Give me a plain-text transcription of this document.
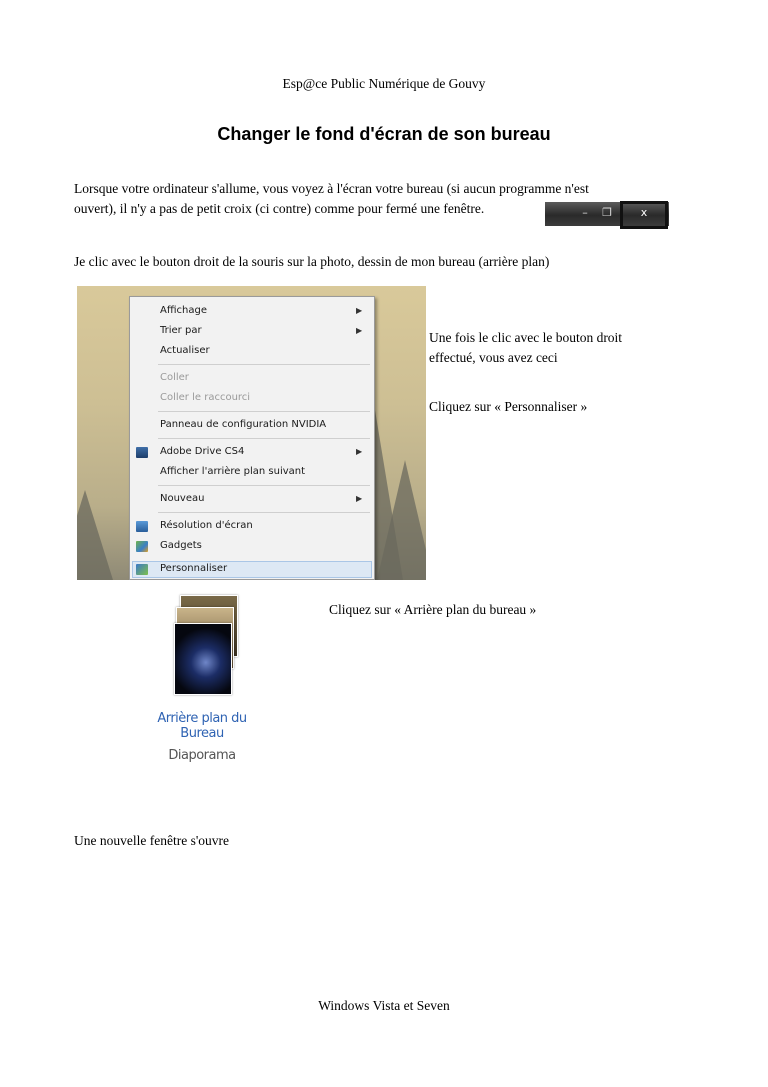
Esp@ce Public Numérique de Gouvy
Changer le fond d'écran de son bureau
Lorsque votre ordinateur s'allume, vous voyez à l'écran votre bureau (si aucun programme n'est
ouvert), il n'y a pas de petit croix (ci contre) comme pour fermé une fenêtre.	–	❐	x
Je clic avec le bouton droit de la souris sur la photo, dessin de mon bureau (arrière plan)
Affichage	▶
Trier par	▶
Actualiser
Coller
Coller le raccourci
Panneau de configuration NVIDIA
Adobe Drive CS4	▶
Afficher l'arrière plan suivant
Nouveau	▶
Résolution d'écran
Gadgets
Personnaliser
Une fois le clic avec le bouton droit
effectué, vous avez ceci
Cliquez sur « Personnaliser »
Arrière plan du Bureau
Diaporama
Cliquez sur « Arrière plan du bureau »
Une nouvelle fenêtre s'ouvre
Windows Vista et Seven
